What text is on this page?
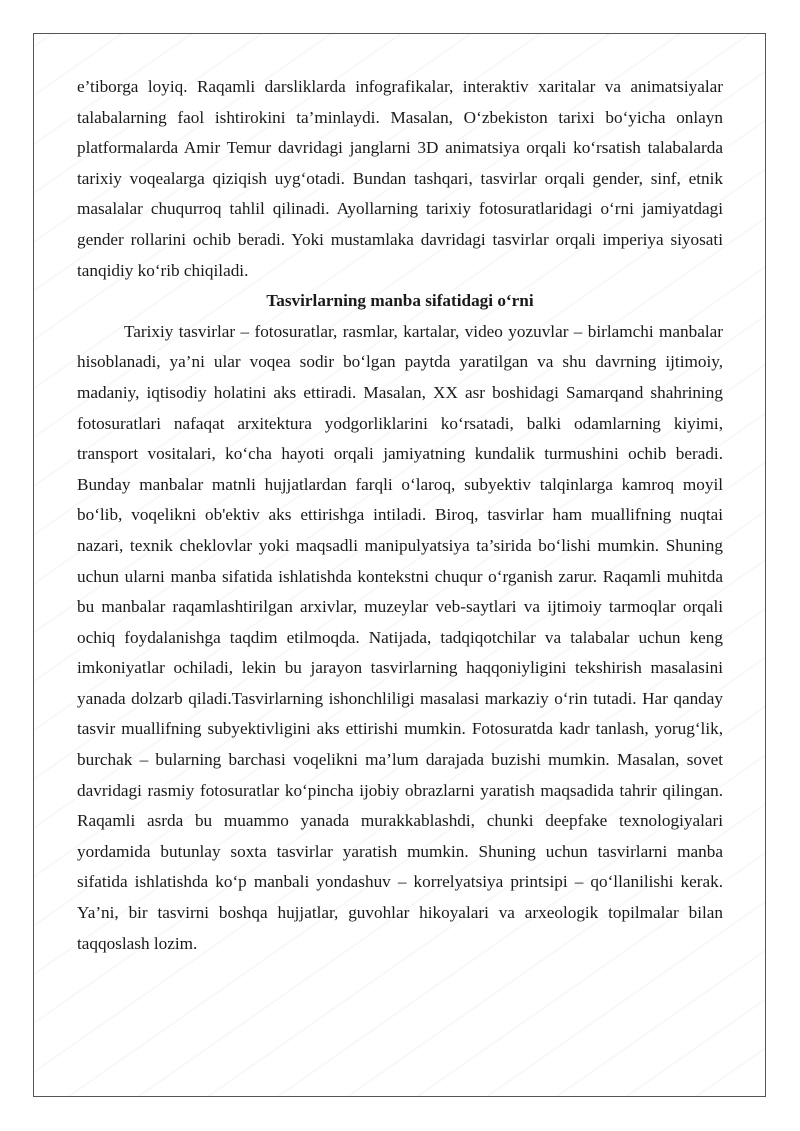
e’tiborga loyiq. Raqamli darsliklarda infografikalar, interaktiv xaritalar va animatsiyalar talabalarning faol ishtirokini ta’minlaydi. Masalan, O‘zbekiston tarixi bo‘yicha onlayn platformalarda Amir Temur davridagi janglarni 3D animatsiya orqali ko‘rsatish talabalarda tarixiy voqealarga qiziqish uyg‘otadi. Bundan tashqari, tasvirlar orqali gender, sinf, etnik masalalar chuqurroq tahlil qilinadi. Ayollarning tarixiy fotosuratlaridagi o‘rni jamiyatdagi gender rollarini ochib beradi. Yoki mustamlaka davridagi tasvirlar orqali imperiya siyosati tanqidiy ko‘rib chiqiladi.

Tasvirlarning manba sifatidagi o‘rni

Tarixiy tasvirlar – fotosuratlar, rasmlar, kartalar, video yozuvlar – birlamchi manbalar hisoblanadi, ya’ni ular voqea sodir bo‘lgan paytda yaratilgan va shu davrning ijtimoiy, madaniy, iqtisodiy holatini aks ettiradi. Masalan, XX asr boshidagi Samarqand shahrining fotosuratlari nafaqat arxitektura yodgorliklarini ko‘rsatadi, balki odamlarning kiyimi, transport vositalari, ko‘cha hayoti orqali jamiyatning kundalik turmushini ochib beradi. Bunday manbalar matnli hujjatlardan farqli o‘laroq, subyektiv talqinlarga kamroq moyil bo‘lib, voqelikni ob'ektiv aks ettirishga intiladi. Biroq, tasvirlar ham muallifning nuqtai nazari, texnik cheklovlar yoki maqsadli manipulyatsiya ta’sirida bo‘lishi mumkin. Shuning uchun ularni manba sifatida ishlatishda kontekstni chuqur o‘rganish zarur. Raqamli muhitda bu manbalar raqamlashtirilgan arxivlar, muzeylar veb-saytlari va ijtimoiy tarmoqlar orqali ochiq foydalanishga taqdim etilmoqda. Natijada, tadqiqotchilar va talabalar uchun keng imkoniyatlar ochiladi, lekin bu jarayon tasvirlarning haqqoniyligini tekshirish masalasini yanada dolzarb qiladi.Tasvirlarning ishonchliligi masalasi markaziy o‘rin tutadi. Har qanday tasvir muallifning subyektivligini aks ettirishi mumkin. Fotosuratda kadr tanlash, yorug‘lik, burchak – bularning barchasi voqelikni ma’lum darajada buzishi mumkin. Masalan, sovet davridagi rasmiy fotosuratlar ko‘pincha ijobiy obrazlarni yaratish maqsadida tahrir qilingan. Raqamli asrda bu muammo yanada murakkablashdi, chunki deepfake texnologiyalari yordamida butunlay soxta tasvirlar yaratish mumkin. Shuning uchun tasvirlarni manba sifatida ishlatishda ko‘p manbali yondashuv – korrelyatsiya printsipi – qo‘llanilishi kerak. Ya’ni, bir tasvirni boshqa hujjatlar, guvohlar hikoyalari va arxeologik topilmalar bilan taqqoslash lozim.
